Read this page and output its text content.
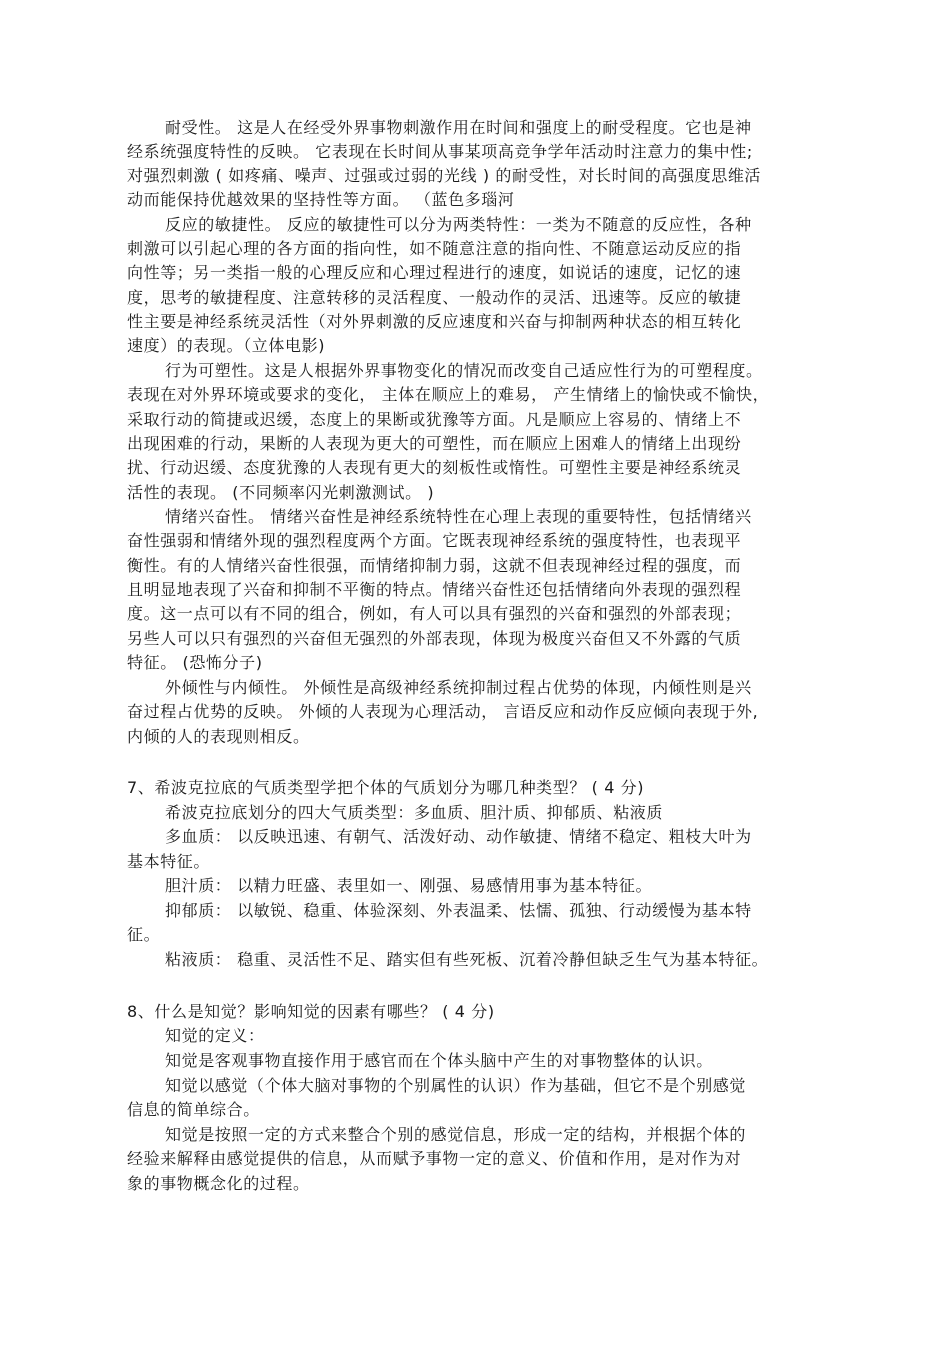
耐受性。 这是人在经受外界事物刺激作用在时间和强度上的耐受程度。它也是神
经系统强度特性的反映。 它表现在长时间从事某项高竞争学年活动时注意力的集中性;
对强烈刺激 ( 如疼痛、噪声、过强或过弱的光线 ) 的耐受性，对长时间的高强度思维活
动而能保持优越效果的坚持性等方面。 （蓝色多瑙河
反应的敏捷性。 反应的敏捷性可以分为两类特性：一类为不随意的反应性，各种
刺激可以引起心理的各方面的指向性，如不随意注意的指向性、不随意运动反应的指
向性等；另一类指一般的心理反应和心理过程进行的速度，如说话的速度，记忆的速
度，思考的敏捷程度、注意转移的灵活程度、一般动作的灵活、迅速等。反应的敏捷
性主要是神经系统灵活性（对外界刺激的反应速度和兴奋与抑制两种状态的相互转化
速度）的表现。（立体电影)
行为可塑性。这是人根据外界事物变化的情况而改变自己适应性行为的可塑程度。
表现在对外界环境或要求的变化， 主体在顺应上的难易， 产生情绪上的愉快或不愉快，
采取行动的简捷或迟缓，态度上的果断或犹豫等方面。凡是顺应上容易的、情绪上不
出现困难的行动，果断的人表现为更大的可塑性，而在顺应上困难人的情绪上出现纷
扰、行动迟缓、态度犹豫的人表现有更大的刻板性或惰性。可塑性主要是神经系统灵
活性的表现。 (不同频率闪光刺激测试。 )
情绪兴奋性。 情绪兴奋性是神经系统特性在心理上表现的重要特性，包括情绪兴
奋性强弱和情绪外现的强烈程度两个方面。它既表现神经系统的强度特性，也表现平
衡性。有的人情绪兴奋性很强，而情绪抑制力弱，这就不但表现神经过程的强度，而
且明显地表现了兴奋和抑制不平衡的特点。情绪兴奋性还包括情绪向外表现的强烈程
度。这一点可以有不同的组合，例如，有人可以具有强烈的兴奋和强烈的外部表现；
另些人可以只有强烈的兴奋但无强烈的外部表现，体现为极度兴奋但又不外露的气质
特征。 (恐怖分子)
外倾性与内倾性。 外倾性是高级神经系统抑制过程占优势的体现，内倾性则是兴
奋过程占优势的反映。 外倾的人表现为心理活动， 言语反应和动作反应倾向表现于外,
内倾的人的表现则相反。
7、希波克拉底的气质类型学把个体的气质划分为哪几种类型？ ( 4 分)
希波克拉底划分的四大气质类型：多血质、胆汁质、抑郁质、粘液质
多血质： 以反映迅速、有朝气、活泼好动、动作敏捷、情绪不稳定、粗枝大叶为
基本特征。
胆汁质： 以精力旺盛、表里如一、刚强、易感情用事为基本特征。
抑郁质： 以敏锐、稳重、体验深刻、外表温柔、怯懦、孤独、行动缓慢为基本特
征。
粘液质： 稳重、灵活性不足、踏实但有些死板、沉着冷静但缺乏生气为基本特征。
8、什么是知觉？影响知觉的因素有哪些？ ( 4 分)
知觉的定义：
知觉是客观事物直接作用于感官而在个体头脑中产生的对事物整体的认识。
知觉以感觉（个体大脑对事物的个别属性的认识）作为基础，但它不是个别感觉
信息的简单综合。
知觉是按照一定的方式来整合个别的感觉信息，形成一定的结构，并根据个体的
经验来解释由感觉提供的信息，从而赋予事物一定的意义、价值和作用，是对作为对
象的事物概念化的过程。
